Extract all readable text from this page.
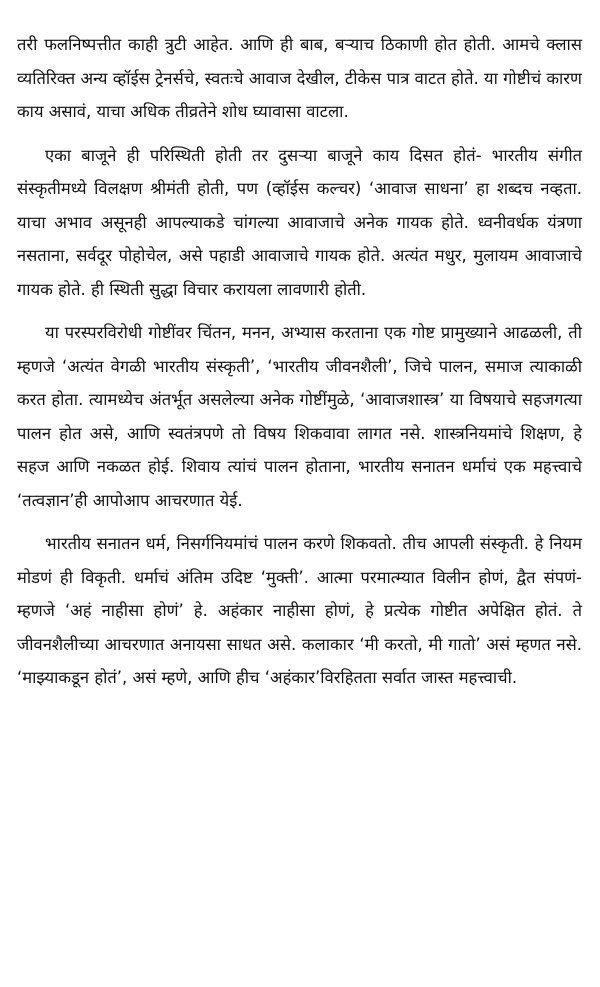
तरी फलनिष्पत्तीत काही त्रुटी आहेत. आणि ही बाब, बऱ्याच ठिकाणी होत होती. आमचे क्लास व्यतिरिक्त अन्य व्हॉईस ट्रेनर्सचे, स्वतःचे आवाज देखील, टीकेस पात्र वाटत होते. या गोष्टीचं कारण काय असावं, याचा अधिक तीव्रतेने शोध घ्यावासा वाटला.

एका बाजूने ही परिस्थिती होती तर दुसऱ्या बाजूने काय दिसत होतं- भारतीय संगीत संस्कृतीमध्ये विलक्षण श्रीमंती होती, पण (व्हॉईस कल्चर) ‘आवाज साधना’ हा शब्दच नव्हता. याचा अभाव असूनही आपल्याकडे चांगल्या आवाजाचे अनेक गायक होते. ध्वनीवर्धक यंत्रणा नसताना, सर्वदूर पोहोचेल, असे पहाडी आवाजाचे गायक होते. अत्यंत मधुर, मुलायम आवाजाचे गायक होते. ही स्थिती सुद्धा विचार करायला लावणारी होती.

या परस्परविरोधी गोष्टींवर चिंतन, मनन, अभ्यास करताना एक गोष्ट प्रामुख्याने आढळली, ती म्हणजे ‘अत्यंत वेगळी भारतीय संस्कृती’, ‘भारतीय जीवनशैली’, जिचे पालन, समाज त्याकाळी करत होता. त्यामध्येच अंतर्भूत असलेल्या अनेक गोष्टींमुळे, ‘आवाजशास्त्र’ या विषयाचे सहजगत्या पालन होत असे, आणि स्वतंत्रपणे तो विषय शिकवावा लागत नसे. शास्त्रनियमांचे शिक्षण, हे सहज आणि नकळत होई. शिवाय त्यांचं पालन होताना, भारतीय सनातन धर्माचं एक महत्त्वाचे ‘तत्वज्ञान’ही आपोआप आचरणात येई.

भारतीय सनातन धर्म, निसर्गनियमांचं पालन करणे शिकवतो. तीच आपली संस्कृती. हे नियम मोडणं ही विकृती. धर्माचं अंतिम उदिष्ट ‘मुक्ती’. आत्मा परमात्म्यात विलीन होणं, द्वैत संपणं- म्हणजे ‘अहं नाहीसा होणं’ हे. अहंकार नाहीसा होणं, हे प्रत्येक गोष्टीत अपेक्षित होतं. ते जीवनशैलीच्या आचरणात अनायसा साधत असे. कलाकार ‘मी करतो, मी गातो’ असं म्हणत नसे. ‘माझ्याकडून होतं’, असं म्हणे, आणि हीच ‘अहंकार’विरहितता सर्वात जास्त महत्त्वाची.
